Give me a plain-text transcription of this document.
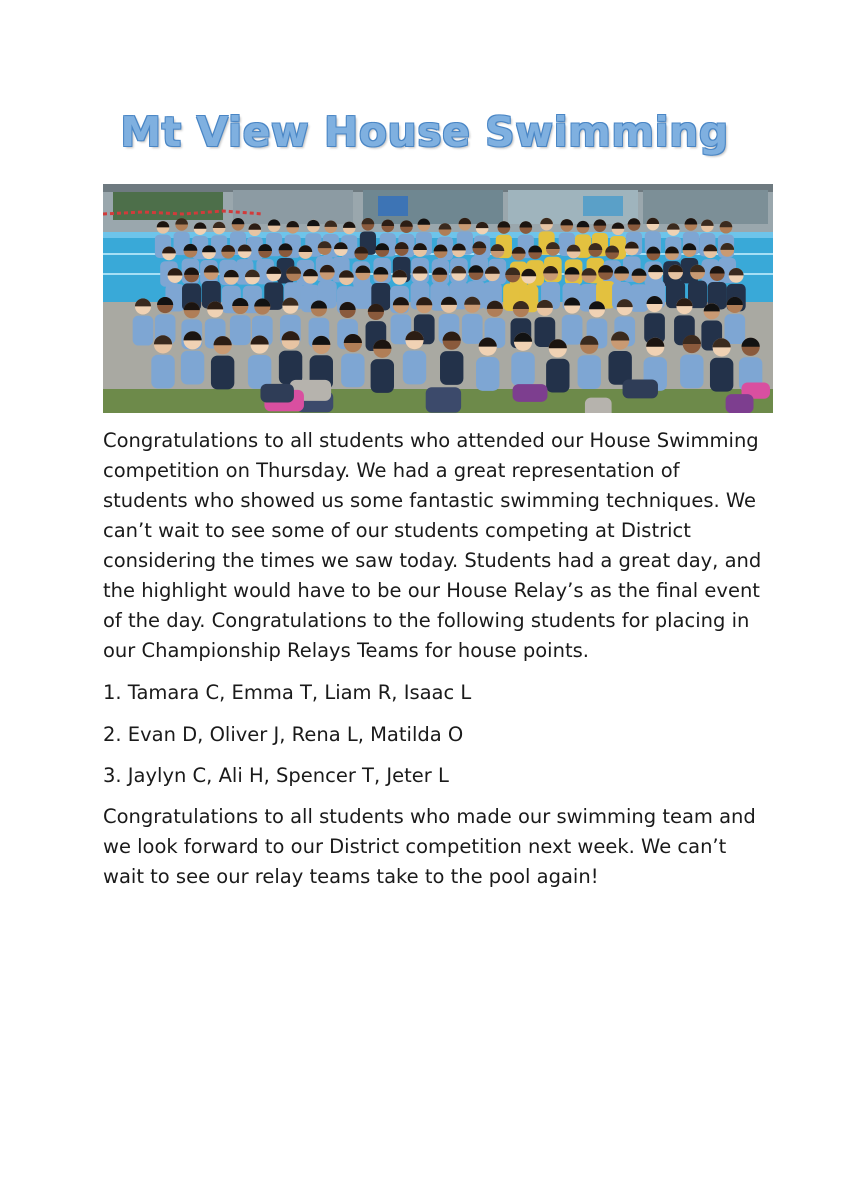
Mt View House Swimming

Congratulations to all students who attended our House Swimming competition on Thursday. We had a great representation of students who showed us some fantastic swimming techniques. We can’t wait to see some of our students competing at District considering the times we saw today. Students had a great day, and the highlight would have to be our House Relay’s as the final event of the day. Congratulations to the following students for placing in our Championship Relays Teams for house points.

1. Tamara C, Emma T, Liam R, Isaac L

2. Evan D, Oliver J, Rena L, Matilda O

3. Jaylyn C, Ali H, Spencer T, Jeter L

Congratulations to all students who made our swimming team and we look forward to our District competition next week. We can’t wait to see our relay teams take to the pool again!
